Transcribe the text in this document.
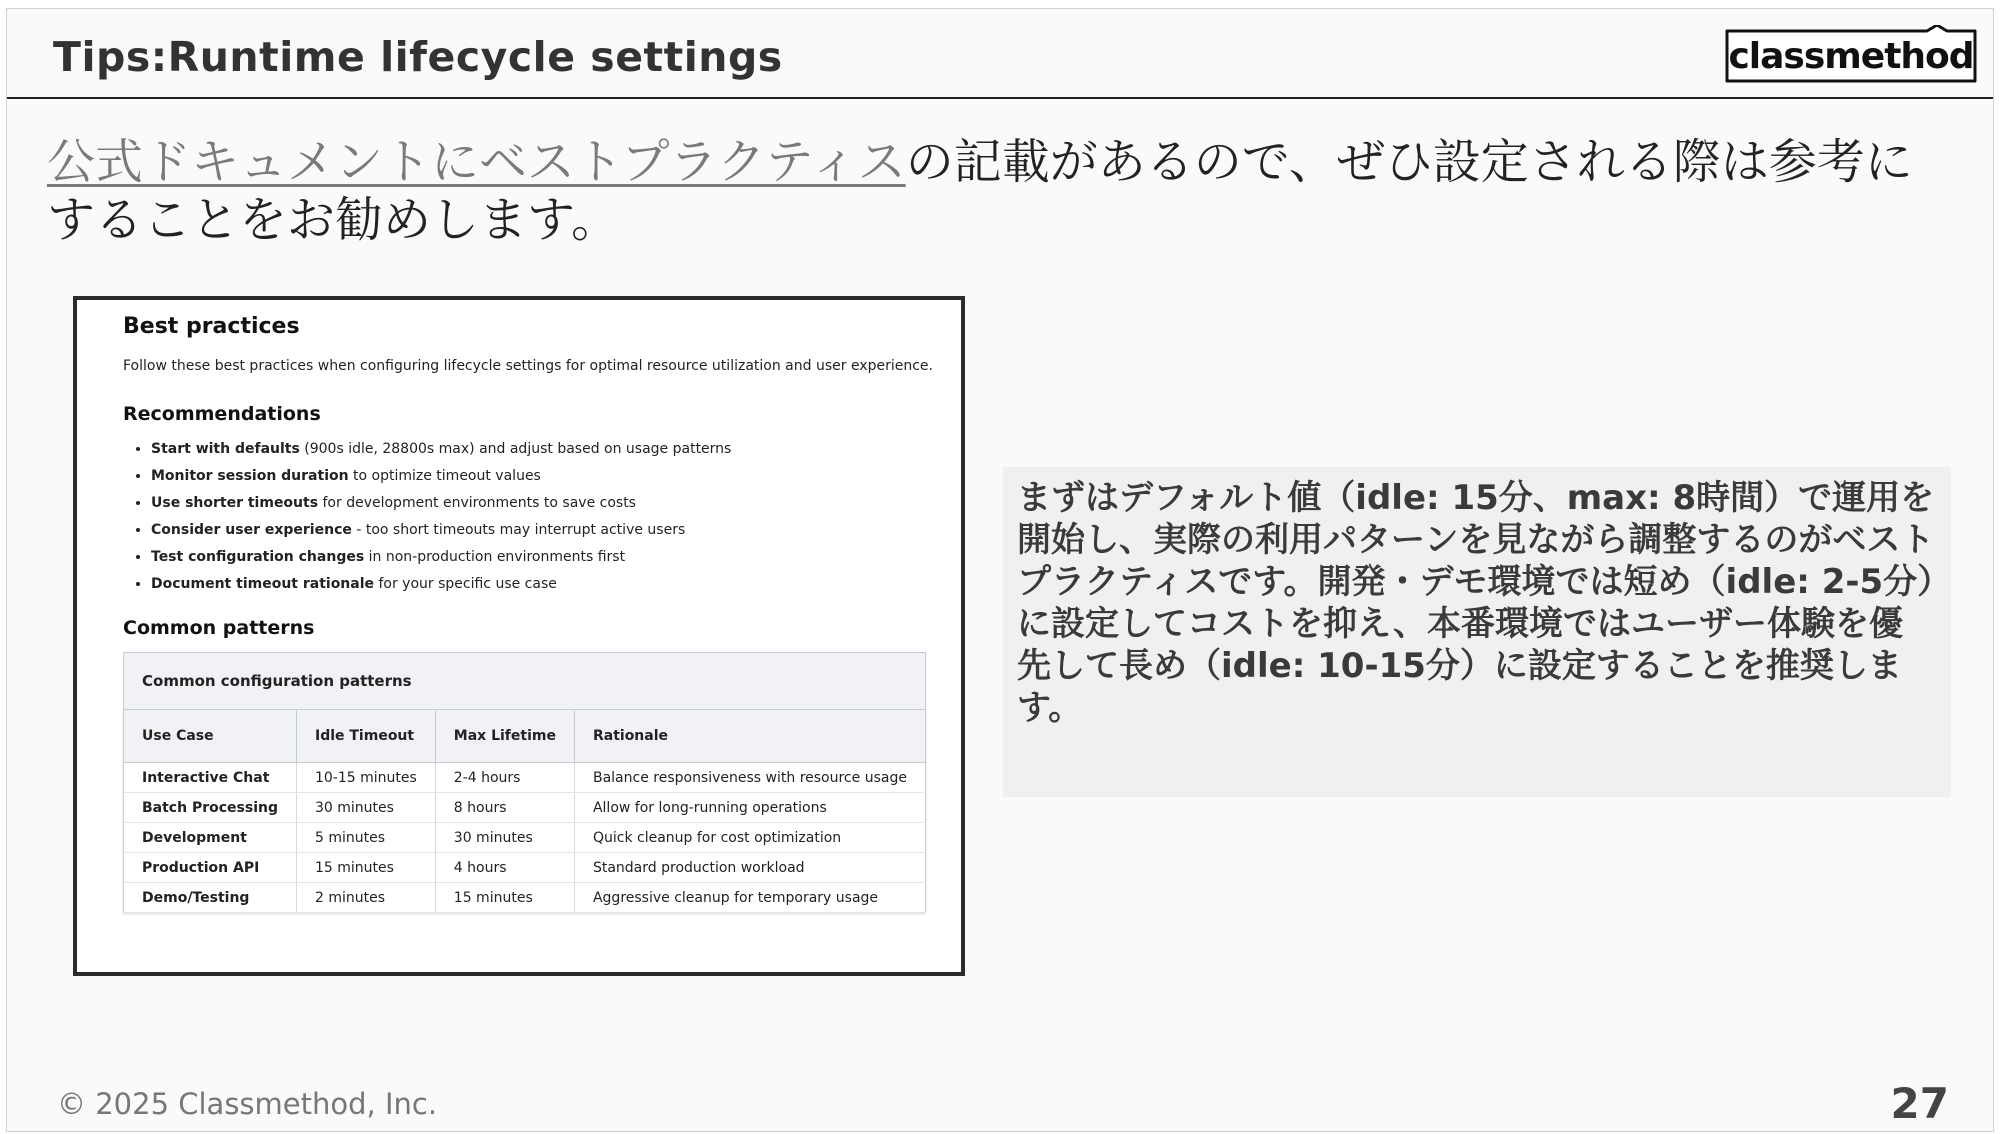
Tips:Runtime lifecycle settings	classmethod
公式ドキュメントにベストプラクティスの記載があるので、ぜひ設定される際は参考にすることをお勧めします。
Best practices
Follow these best practices when configuring lifecycle settings for optimal resource utilization and user experience.
Recommendations
• Start with defaults (900s idle, 28800s max) and adjust based on usage patterns
• Monitor session duration to optimize timeout values
• Use shorter timeouts for development environments to save costs
• Consider user experience - too short timeouts may interrupt active users
• Test configuration changes in non-production environments first
• Document timeout rationale for your specific use case
Common patterns
Common configuration patterns
Use Case	Idle Timeout	Max Lifetime	Rationale
Interactive Chat	10-15 minutes	2-4 hours	Balance responsiveness with resource usage
Batch Processing	30 minutes	8 hours	Allow for long-running operations
Development	5 minutes	30 minutes	Quick cleanup for cost optimization
Production API	15 minutes	4 hours	Standard production workload
Demo/Testing	2 minutes	15 minutes	Aggressive cleanup for temporary usage
まずはデフォルト値（idle: 15分、max: 8時間）で運用を開始し、実際の利用パターンを見ながら調整するのがベストプラクティスです。開発・デモ環境では短め（idle: 2-5分）に設定してコストを抑え、本番環境ではユーザー体験を優先して長め（idle: 10-15分）に設定することを推奨します。
© 2025 Classmethod, Inc.	27
